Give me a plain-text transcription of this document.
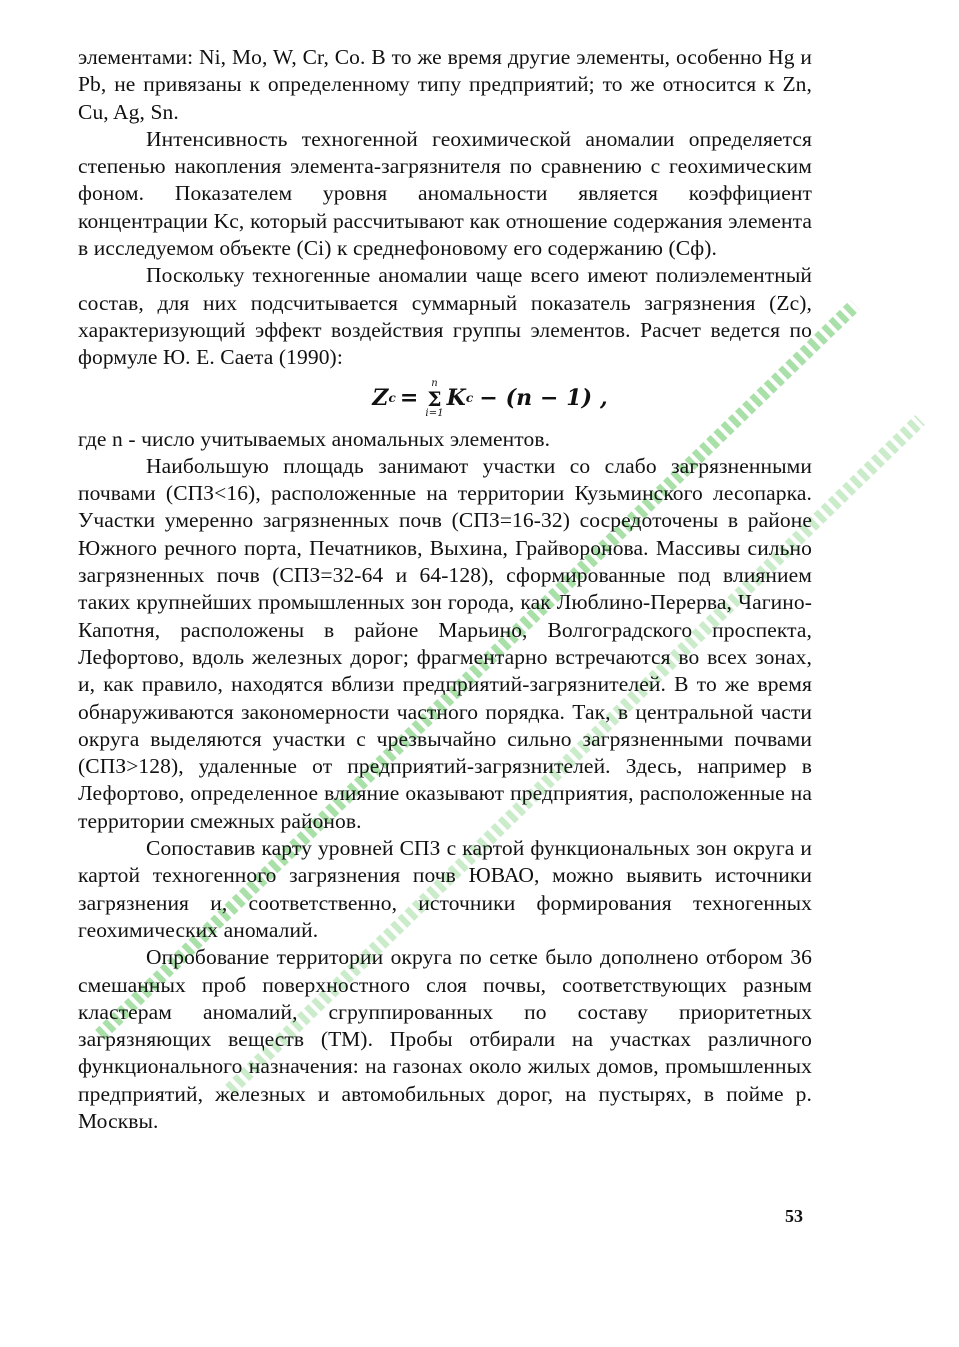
элементами: Ni, Mo, W, Cr, Co. В то же время другие элементы, особенно Hg и Pb, не привязаны к определенному типу предприятий; то же относится к Zn, Cu, Ag, Sn.

Интенсивность техногенной геохимической аномалии определяется степенью накопления элемента-загрязнителя по сравнению с геохимическим фоном. Показателем уровня аномальности является коэффициент концентрации Kc, который рассчитывают как отношение содержания элемента в исследуемом объекте (Ci) к среднефоновому его содержанию (Cф).

Поскольку техногенные аномалии чаще всего имеют полиэлементный состав, для них подсчитывается суммарный показатель загрязнения (Zc), характеризующий эффект воздействия группы элементов. Расчет ведется по формуле Ю. Е. Саета (1990):

Z c =
n
Σ
i=1
K c − (n − 1) ,

где n - число учитываемых аномальных элементов.

Наибольшую площадь занимают участки со слабо загрязненными почвами (СПЗ<16), расположенные на территории Кузьминского лесопарка. Участки умеренно загрязненных почв (СПЗ=16-32) сосредоточены в районе Южного речного порта, Печатников, Выхина, Грайворонова. Массивы сильно загрязненных почв (СПЗ=32-64 и 64-128), сформированные под влиянием таких крупнейших промышленных зон города, как Люблино-Перерва, Чагино-Капотня, расположены в районе Марьино, Волгоградского проспекта, Лефортово, вдоль железных дорог; фрагментарно встречаются во всех зонах, и, как правило, находятся вблизи предприятий-загрязнителей. В то же время обнаруживаются закономерности частного порядка. Так, в центральной части округа выделяются участки с чрезвычайно сильно загрязненными почвами (СПЗ>128), удаленные от предприятий-загрязнителей. Здесь, например в Лефортово, определенное влияние оказывают предприятия, расположенные на территории смежных районов.

Сопоставив карту уровней СПЗ с картой функциональных зон округа и картой техногенного загрязнения почв ЮВАО, можно выявить источники загрязнения и, соответственно, источники формирования техногенных геохимических аномалий.

Опробование территории округа по сетке было дополнено отбором 36 смешанных проб поверхностного слоя почвы, соответствующих разным кластерам аномалий, сгруппированных по составу приоритетных загрязняющих веществ (ТМ). Пробы отбирали на участках различного функционального назначения: на газонах около жилых домов, промышленных предприятий, железных и автомобильных дорог, на пустырях, в пойме р. Москвы.

53
